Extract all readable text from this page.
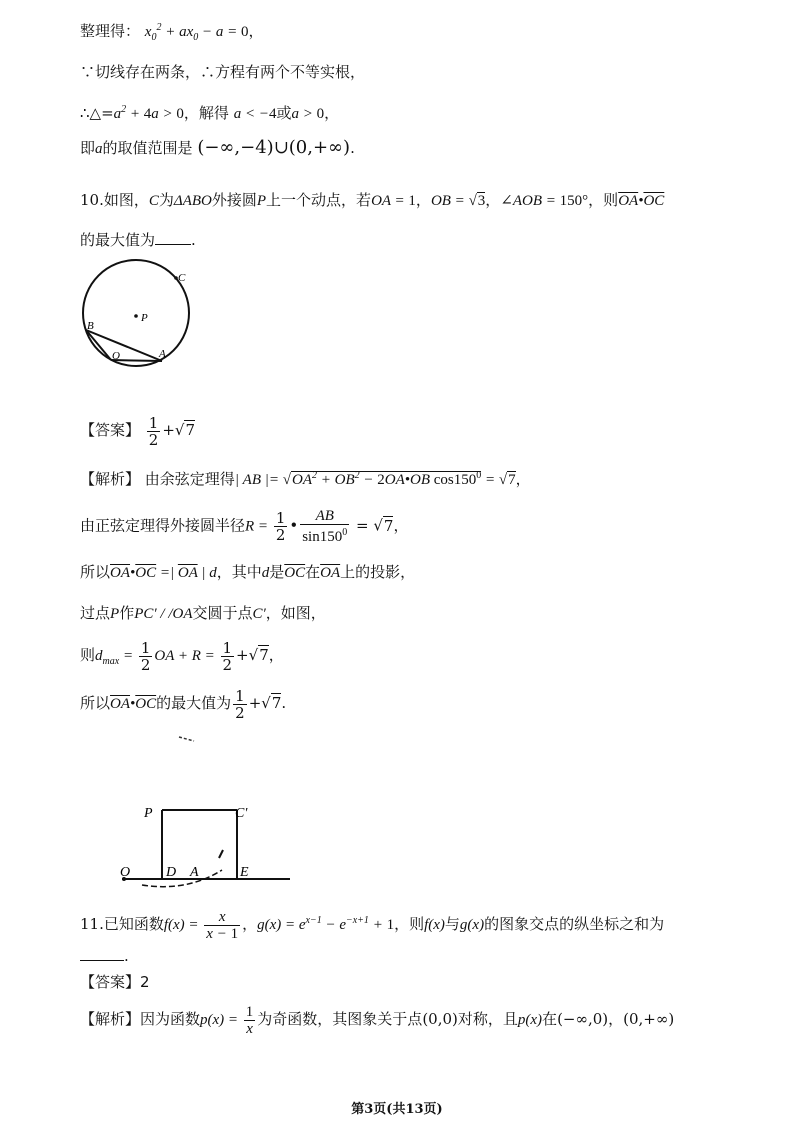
整理得： $x_0^2 + ax_0 - a = 0$，
∵切线存在两条，∴方程有两个不等实根，
$\therefore\triangle=a^2 + 4a > 0$，解得 a < −4或a > 0，
即a的取值范围是 (−∞,−4)∪(0,+∞).
10.如图，C为ΔABO外接圆P上一个动点，若OA = 1，OB = √3，∠AOB = 150°，则$\overline{OA}•\overline{OC}$
的最大值为 .
C
P
B
O	A
【答案】 $\frac{1}{2} +√7$
【解析】 由余弦定理得| AB |= $√OA^2 + OB^2$ − 2OA•OB $\cos 150^0 = √7$，
由正弦定理得外接圆半径$R = \frac{1}{2}$ • $\frac{AB}{\sin 150^0} = √7$，
所以$\overline{OA}•\overline{OC}$ =| $\overline{OA}$ | d，其中d是$\overline{OC}$在$\overline{OA}$上的投影，
过点P作PC′ / /OA交圆于点C′，如图，
则$d_{max} = \frac{1}{2}$ OA + $R = \frac{1}{2} +√7$，
所以$\overline{OA}•\overline{OC}$的最大值为 $\frac{1}{2} +√7$.
P	C'
O	D A	E
11.已知函数$f(x) = \frac{x}{x - 1}$ ，$g(x) = e^{x-1} - e^{-x+1} + 1$，则f(x)与g(x)的图象交点的纵坐标之和为
.
【答案】2
【解析】因为函数$p(x) = \frac{1}{x}$ 为奇函数，其图象关于点(0,0)对称，且p(x)在(−∞,0)，(0,+∞)
第3页(共13页)
